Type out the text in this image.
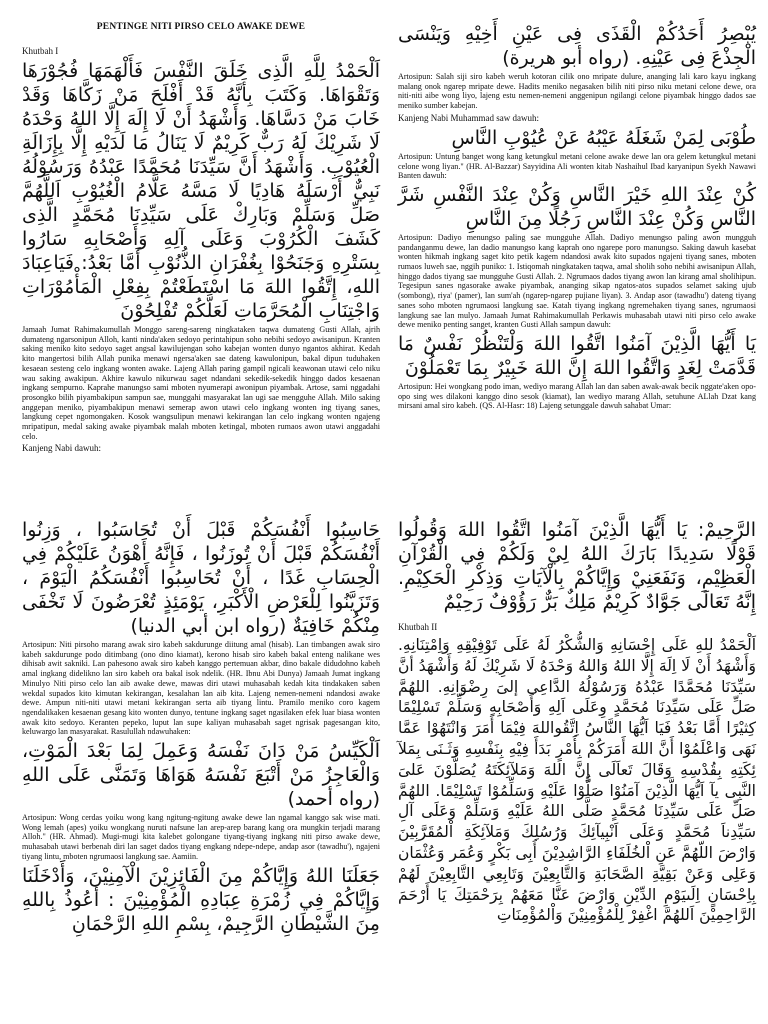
PENTINGE NITI PIRSO CELO AWAKE DEWE
Khutbah I
اَلْحَمْدُ لِلَّهِ الَّذِى خَلَقَ النَّفْسَ فَأَلْهَمَهَا فُجُوْرَهَا وَتَقْوَاهَا. وَكَتَبَ بِأَنَّهُ قَدْ أَفْلَحَ مَنْ زَكَّاهَا وَقَدْ خَابَ مَنْ دَسَّاهَا. وَأَشْهَدُ أَنْ لَا إِلَهَ إِلَّا اللهُ وَحْدَهُ لَا شَرِيْكَ لَهُ رَبٌّ كَرِيْمٌ لَا يَنَالُ مَا لَدَيْهِ إِلَّا بِإِزَالَةِ الْعُيُوْبِ. وَأَشْهَدُ أَنَّ سَيِّدَنَا مُحَمَّدًا عَبْدُهُ وَرَسُوْلُهُ نَبِيٌّ أَرْسَلَهُ هَادِيًا لَا مَسَّهُ عَلَّامُ الْغُيُوْبِ اَللَّهُمَّ صَلِّ وَسَلِّمْ وَبَارِكْ عَلَى سَيِّدِنَا مُحَمَّدٍ الَّذِى كَشَفَ الْكُرُوْبَ وَعَلَى آلِهِ وَأَصْحَابِهِ سَارُوا بِسَتْرِهِ وَجَنَحُوْا بِغُفْرَانِ الذُّنُوْبِ أَمَّا بَعْدُ: فَيَاعِبَادَ اللهِ، إِتَّقُوا اللهَ مَا اسْتَطَعْتُمْ بِفِعْلِ الْمَأْمُوْرَاتِ وَاجْتِنَابِ الْمُحَرَّمَاتِ لَعَلَّكُمْ تُفْلِحُوْنَ
Jamaah Jumat Rahimakumullah Monggo sareng-sareng ningkataken taqwa dumateng Gusti Allah, ajrih dumateng ngarsonipun Alloh, kanti ninda'aken sedoyo perintahipun soho nebihi sedoyo awisanipun. Kranten saking meniko kito sedoyo saget angsal kawilujengan soho kabejan wonten dunyo ngantos akhirat. Kedah kito mangertosi bilih Allah punika menawi ngersa'aken sae dateng kawulonipun, bakal dipun tuduhaken kesaean sesteng celo ingkang wonten awake. Lajeng Allah paring gampil ngicali keawonan utawi celo niku wau saking awakipun. Akhire kawulo nikurwau saget ndandani sekedik-sekedik hinggo dados kesaenan ingkang sempurno. Kaprahe manungso sami mboten nyumerapi awonipun piyambak. Artose, sami nggadahi prosongko bilih piyambakipun sampun sae, munggahi masyarakat lan ugi sae mengguhe Allah. Milo saking anggepan meniko, piyambakipun menawi semerap awon utawi celo ingkang wonten ing tiyang sanes, langkung cepet ngomongaken. Kosok wangsulipun menawi kekirangan lan celo ingkang wonten ngajeng mripatipun, medal saking awake piyambak malah mboten ketingal, mboten rumaos awon utawi anggadahi celo.
Kanjeng Nabi dawuh:
يُبْصِرُ أَحَدُكُمْ الْقَذَى فِى عَيْنِ أَخِيْهِ وَيَنْسَى الْجِذْعَ فِى عَيْنِهِ. (رواه أبو هريرة)
Artosipun: Salah siji siro kabeh weruh kotoran cilik ono mripate dulure, ananging lali karo kayu ingkang malang onok ngarep mripate dewe. Hadits meniko negasaken bilih niti pirso niku metani celone dewe, ora niti-niti aibe wong liyo, lajeng estu nemen-nemeni anggenipun ngilangi celone piyambak hinggo dados sae meniko sumber kabejan.
Kanjeng Nabi Muhammad saw dawuh:
طُوْبَى لِمَنْ شَغَلَهُ عَيْبُهُ عَنْ عُيُوْبِ النَّاسِ
Artosipun: Untung banget wong kang ketungkul metani celone awake dewe lan ora gelem ketungkul metani celone wong liyan." (HR. Al-Bazzar) Sayyidina Ali wonten kitab Nashaihul Ibad karyanipun Syekh Nawawi Banten dawuh:
كُنْ عِنْدَ اللهِ خَيْرَ النَّاسِ وَكُنْ عِنْدَ النَّفْسِ شَرَّ النَّاسِ وَكُنْ عِنْدَ النَّاسِ رَجُلًا مِنَ النَّاسِ
Artosipun: Dadiyo menungso paling sae mungguhe Allah. Dadiyo menungso paling awon mungguh pandanganmu dewe, lan dadio manungso kang kaprah ono ngarepe poro manungso. Saking dawuh kasebat wonten hikmah ingkang saget kito petik kagem ndandosi awak kito supados ngajeni tiyang sanes, mboten rumaos luweh sae, nggih puniko: 1. Istiqomah ningkataken taqwa, amal sholih soho nebihi awisanipun Allah, hinggo dados tiyang sae mungguhe Gusti Allah. 2. Ngrumaos dados tiyang awon lan kirang amal sholihipun. Tegesipun sanes ngasorake awake piyambak, ananging sikap ngatos-atos supados selamet saking ujub (sombong), riya' (pamer), lan sum'ah (ngarep-ngarep pujiane liyan). 3. Andap asor (tawadhu') dateng tiyang sanes soho mboten ngrumaosi langkung sae. Katah tiyang ingkang ngremehaken tiyang sanes, ngrumaosi langkung sae lan mulyo. Jamaah Jumat Rahimakumullah Perkawis muhasabah utawi niti pirso celo awake dewe meniko penting sanget, kranten Gusti Allah sampun dawuh:
يَا أَيُّهَا الَّذِيْنَ آمَنُوا اتَّقُوا اللهَ وَلْتَنْظُرْ نَفْسٌ مَا قَدَّمَتْ لِغَدٍ وَاتَّقُوا اللهَ إِنَّ اللهَ خَبِيْرٌ بِمَا تَعْمَلُوْنَ
Artosipun: Hei wongkang podo iman, wediyo marang Allah lan dan saben awak-awak becik nggate'aken opo-opo sing wes dilakoni kanggo dino sesok (kiamat), lan wediyo marang Allah, setuhune ALlah Dzat kang mirsani amal siro kabeh. (QS. Al-Hasr: 18) Lajeng setunggale dawuh sahabat Umar:
حَاسِبُوا أَنْفُسَكُمْ قَبْلَ أَنْ تُحَاسَبُوا ، وَزِنُوا أَنْفُسَكُمْ قَبْلَ أَنْ تُوزَنُوا ، فَإِنَّهُ أَهْوَنُ عَلَيْكُمْ فِي الْحِسَابِ غَدًا ، أَنْ تُحَاسِبُوا أَنْفُسَكُمُ الْيَوْمَ ، وَتَزَيَّنُوا لِلْعَرْضِ الْأَكْبَرِ، يَوْمَئِذٍ تُعْرَضُونَ لَا تَخْفَى مِنْكُمْ خَافِيَةٌ (رواه ابن أبي الدنيا)
Artosipun: Niti pirsoho marang awak siro kabeh sakdurunge diitung amal (hisab). Lan timbangen awak siro kabeh sakdurunge podo ditimbang (ono dino kiamat), kerono hisab siro kabeh bakal enteng nalikane wes dihisab awit sakniki. Lan pahesono awak siro kabeh kanggo pertemuan akbar, dino bakale didudohno kabeh amal ingkang didelikno lan siro kabeh ora bakal isok ndelik. (HR. Ibnu Abi Dunya) Jamaah Jumat ingkang Minulyo Niti pirso celo lan aib awake dewe, mawas diri utawi muhasabah kedah kita tindakaken saben wekdal supados kito kimutan kekirangan, kesalahan lan aib kita. Lajeng nemen-nemeni ndandosi awake dewe. Ampun niti-niti utawi metani kekirangan serta aib tiyang lintu. Pramilo meniko coro kagem ngendalikaken kesaenan gesang kito wonten dunyo, tentune ingkang saget ngasilaken efek luar biasa wonten awak kito sedoyo. Keranten pepeko, luput lan supe kaliyan muhasabah saget ngrisak pagesangan kito, keluwargo lan masyarakat. Rasulullah ndawuhaken:
اَلْكَيِّسُ مَنْ دَانَ نَفْسَهُ وَعَمِلَ لِمَا بَعْدَ الْمَوْتِ، وَالْعَاجِزُ مَنْ أَتْبَعَ نَفْسَهُ هَوَاهَا وَتَمَنَّى عَلَى اللهِ (رواه أحمد)
Artosipun: Wong cerdas yoiku wong kang ngitung-ngitung awake dewe lan ngamal kanggo sak wise mati. Wong lemah (apes) yoiku wongkang nuruti nafsune lan arep-arep barang kang ora mungkin terjadi marang Alloh." (HR. Ahmad). Mugi-mugi kita kalebet golongane tiyang-tiyang ingkang niti pirso awake dewe, muhasabah utawi berbenah diri lan saget dados tiyang engkang ndepe-ndepe, andap asor (tawadhu'), ngajeni tiyang lintu, mboten ngrumaosi langkung sae. Aamiin.
جَعَلَنَا اللهُ وَإِيَّاكُمْ مِنَ الْفَائِزِيْنَ الْآمِنِيْنَ، وَأَدْخَلَنَا وَإِيَّاكُمْ فِي زُمْرَةِ عِبَادِهِ الْمُؤْمِنِيْنَ : أَعُوذُ بِاللهِ مِنَ الشَّيْطَانِ الرَّجِيمْ، بِسْمِ اللهِ الرَّحْمَانِ
الرَّحِيمْ: يَا أَيُّهَا الَّذِيْنَ آمَنُوا اتَّقُوا اللهَ وَقُولُوا قَوْلًا سَدِيدًا بَارَكَ اللهُ لِيْ وَلَكُمْ فِي الْقُرْآنِ الْعَظِيْمِ، وَنَفَعَنِيْ وَإِيَّاكُمْ بِالْآيَاتِ وَذِكْرِ الْحَكِيْمِ. إِنَّهُ تَعَالَى جَوَّادٌ كَرِيْمٌ مَلِكٌ بَرٌّ رَؤُوْفٌ رَحِيْمٌ
Khutbah II
اَلْحَمْدُ للهِ عَلَى إِحْسَانِهِ وَالشُّكْرُ لَهُ عَلَى تَوْفِيْقِهِ وَاِمْتِنَانِهِ. وَأَشْهَدُ أَنْ لَا اِلَهَ إِلَّا اللهُ وَاللهُ وَحْدَهُ لَا شَرِيْكَ لَهُ وَأَشْهَدُ أنَّ سَيِّدَنَا مُحَمَّدًا عَبْدُهُ وَرَسُوْلُهُ الدَّاعِى إلىَ رِضْوَانِهِ. اللهُمَّ صَلِّ عَلَى سَيِّدِنَا مُحَمَّدٍ وِعَلَى اَلِهِ وَأَصْحَابِهِ وَسَلِّمْ تَسْلِيْمًا كِثيْرًا أَمَّا بَعْدُ فَيَا اَيُّهَا النَّاسُ اِتَّقُواللهَ فِيْمَا أَمَرَ وَانْتَهُوْا عَمَّا نَهَى وَاعْلَمُوْا أَنَّ اللهَ أَمَرَكُمْ بِأَمْرٍ بَدَأَ فِيْهِ بِنَفْسِهِ وَثَـنَى بِمَلآ ئِكَتِهِ بِقُدْسِهِ وَقَالَ تَعاَلَى إِنَّ اللهَ وَمَلآئِكَتَهُ يُصَلُّوْنَ عَلىَ النَّبِى يآ اَيُّهَا الَّذِيْنَ آمَنُوْا صَلُّوْا عَلَيْهِ وَسَلِّمُوْا تَسْلِيْمًا. اللهُمَّ صَلِّ عَلَى سَيِّدِنَا مُحَمَّدٍ صَلَّى اللهُ عَلَيْهِ وَسَلِّمْ وَعَلَى آلِ سَيِّدِناَ مُحَمَّدٍ وَعَلَى اَنْبِيآئِكَ وَرُسُلِكَ وَمَلآئِكَةِ اْلمُقَرَّبِيْنَ وَارْضَ اللّهُمَّ عَنِ اْلخُلَفَاءِ الرَّاشِدِيْنَ أَبِى بَكْرٍ وَعُمَر وَعُثْمَان وَعَلِى وَعَنْ بَقِيَّةِ الصَّحَابَةِ وَالتَّابِعِيْنَ وَتَابِعِي التَّابِعِيْنَ لَهُمْ بِاِحْسَانٍ اِلَىيَوْمِ الدِّيْنِ وَارْضَ عَنَّا مَعَهُمْ بِرَحْمَتِكَ يَا أَرْحَمَ الرَّاحِمِيْنَ اَللهُمَّ اغْفِرْ لِلْمُؤْمِنِيْنَ وَاْلمُؤْمِنَاتِ
